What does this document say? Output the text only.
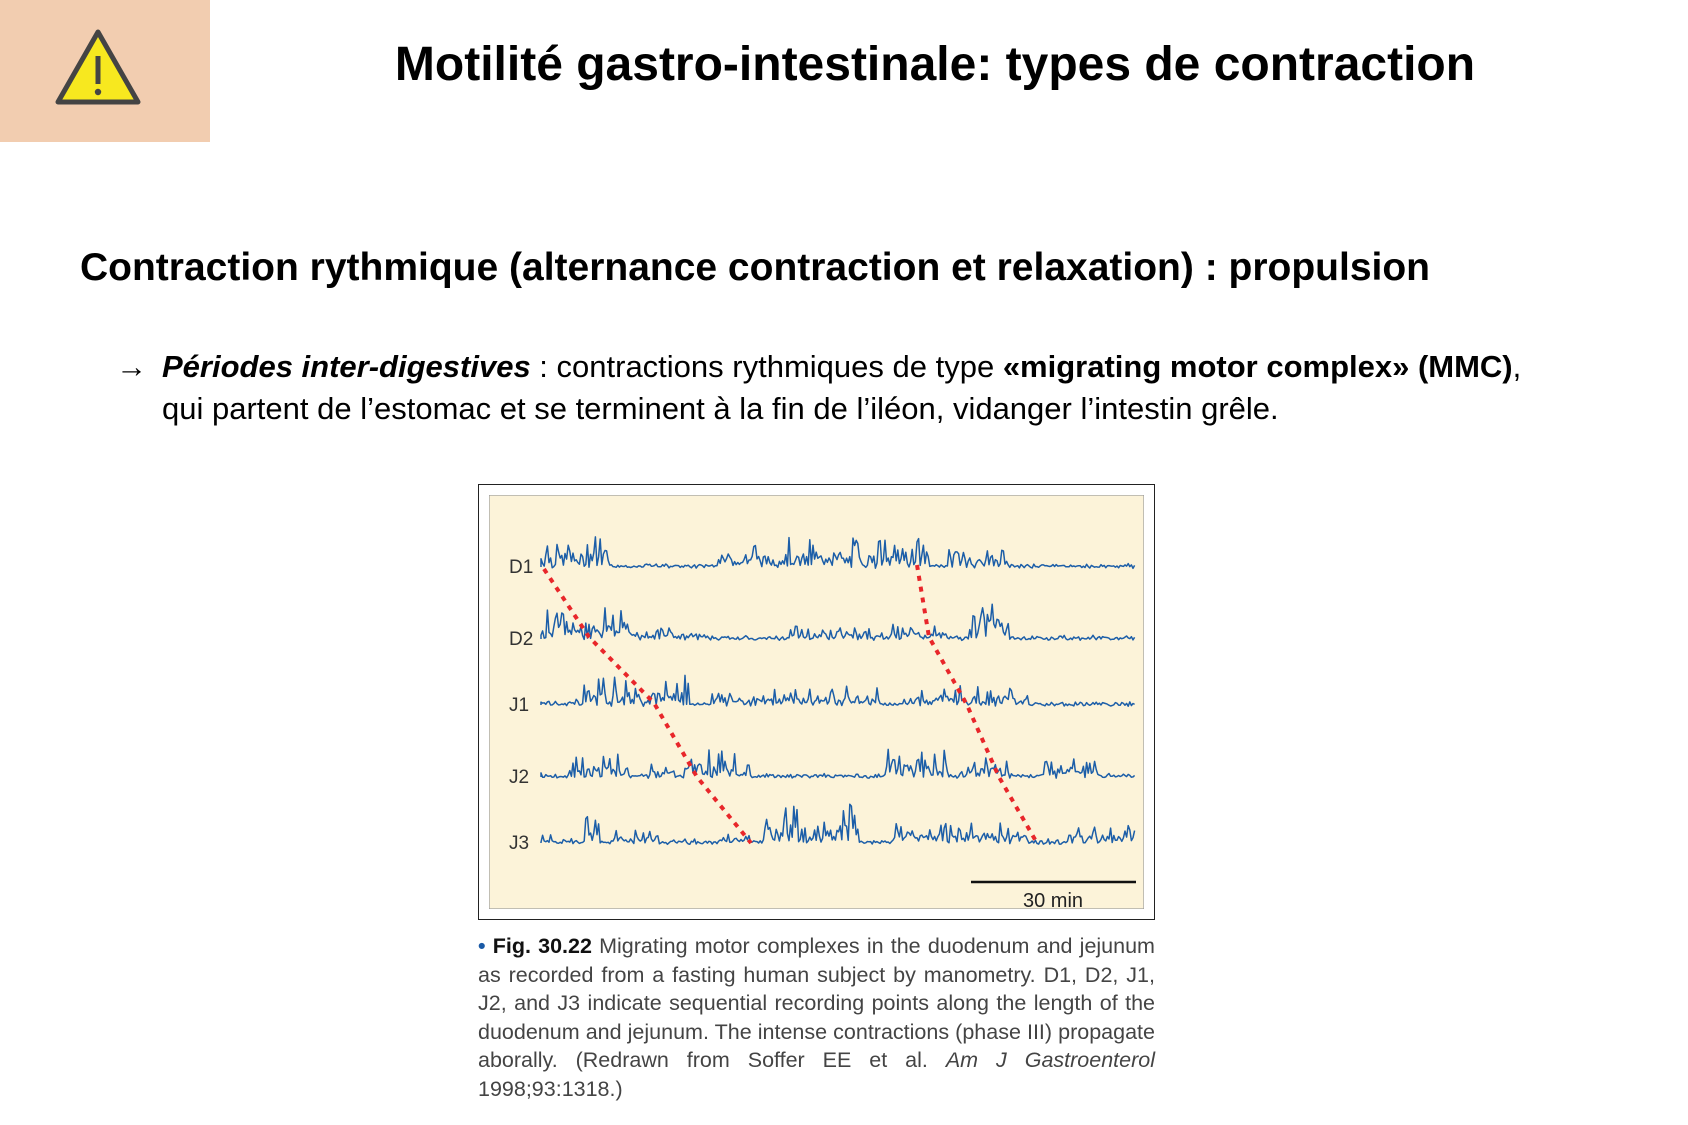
Motilité gastro-intestinale: types de contraction
Contraction rythmique (alternance contraction et relaxation) : propulsion
→ Périodes inter-digestives : contractions rythmiques de type «migrating motor complex» (MMC), qui partent de l’estomac et se terminent à la fin de l’iléon, vidanger l’intestin grêle.
D1
D2
J1
J2
J3
30 min
• Fig. 30.22 Migrating motor complexes in the duodenum and jejunum as recorded from a fasting human subject by manometry. D1, D2, J1, J2, and J3 indicate sequential recording points along the length of the duodenum and jejunum. The intense contractions (phase III) propagate aborally. (Redrawn from Soffer EE et al. Am J Gastroenterol 1998;93:1318.)
